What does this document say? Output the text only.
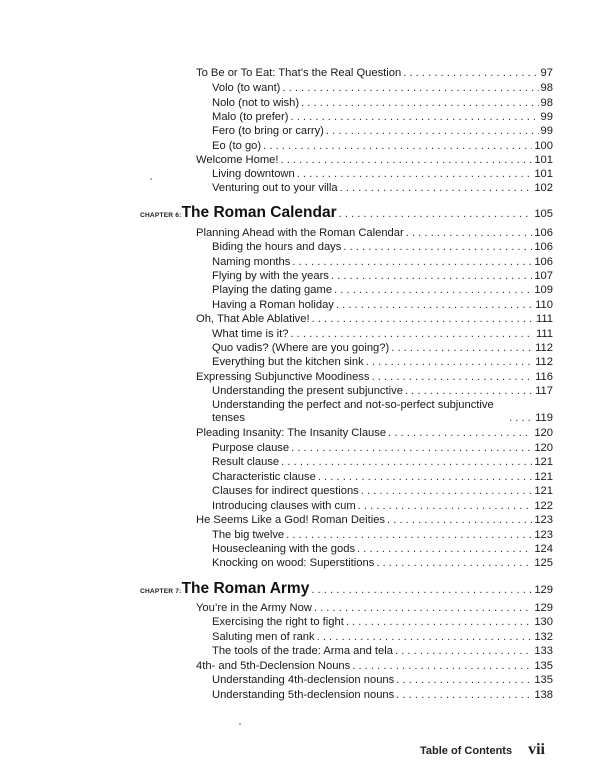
To Be or To Eat: That’s the Real Question . . .	97
Volo (to want) . . .	98
Nolo (not to wish) . . .	98
Malo (to prefer) . . .	99
Fero (to bring or carry) . . .	99
Eo (to go) . . .	100
Welcome Home! . . .	101
Living downtown . . .	101
Venturing out to your villa . . .	102
CHAPTER 6: The Roman Calendar . . .	105
Planning Ahead with the Roman Calendar . . .	106
Biding the hours and days . . .	106
Naming months . . .	106
Flying by with the years . . .	107
Playing the dating game . . .	109
Having a Roman holiday . . .	110
Oh, That Able Ablative! . . .	111
What time is it? . . .	111
Quo vadis? (Where are you going?) . . .	112
Everything but the kitchen sink . . .	112
Expressing Subjunctive Moodiness . . .	116
Understanding the present subjunctive . . .	117
Understanding the perfect and not-so-perfect subjunctive tenses . . .	119
Pleading Insanity: The Insanity Clause . . .	120
Purpose clause . . .	120
Result clause . . .	121
Characteristic clause . . .	121
Clauses for indirect questions . . .	121
Introducing clauses with cum . . .	122
He Seems Like a God! Roman Deities . . .	123
The big twelve . . .	123
Housecleaning with the gods . . .	124
Knocking on wood: Superstitions . . .	125
CHAPTER 7: The Roman Army . . .	129
You’re in the Army Now . . .	129
Exercising the right to fight . . .	130
Saluting men of rank . . .	132
The tools of the trade: Arma and tela . . .	133
4th- and 5th-Declension Nouns . . .	135
Understanding 4th-declension nouns . . .	135
Understanding 5th-declension nouns . . .	138
Table of Contents vii
